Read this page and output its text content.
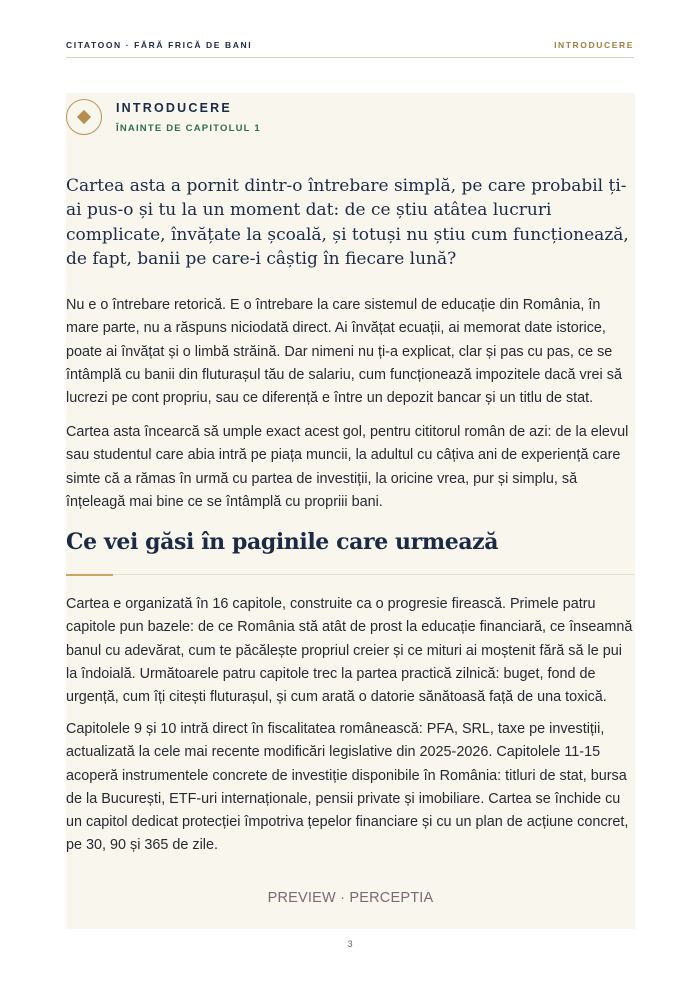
CITATOON · FĂRĂ FRICĂ DE BANI	INTRODUCERE
INTRODUCERE
ÎNAINTE DE CAPITOLUL 1

Cartea asta a pornit dintr-o întrebare simplă, pe care probabil ți-ai pus-o și tu la un moment dat: de ce știu atâtea lucruri complicate, învățate la școală, și totuși nu știu cum funcționează, de fapt, banii pe care-i câștig în fiecare lună?

Nu e o întrebare retorică. E o întrebare la care sistemul de educație din România, în mare parte, nu a răspuns niciodată direct. Ai învățat ecuații, ai memorat date istorice, poate ai învățat și o limbă străină. Dar nimeni nu ți-a explicat, clar și pas cu pas, ce se întâmplă cu banii din fluturașul tău de salariu, cum funcționează impozitele dacă vrei să lucrezi pe cont propriu, sau ce diferență e între un depozit bancar și un titlu de stat.

Cartea asta încearcă să umple exact acest gol, pentru cititorul român de azi: de la elevul sau studentul care abia intră pe piața muncii, la adultul cu câțiva ani de experiență care simte că a rămas în urmă cu partea de investiții, la oricine vrea, pur și simplu, să înțeleagă mai bine ce se întâmplă cu propriii bani.

Ce vei găsi în paginile care urmează

Cartea e organizată în 16 capitole, construite ca o progresie firească. Primele patru capitole pun bazele: de ce România stă atât de prost la educație financiară, ce înseamnă banul cu adevărat, cum te păcălește propriul creier și ce mituri ai moștenit fără să le pui la îndoială. Următoarele patru capitole trec la partea practică zilnică: buget, fond de urgență, cum îți citești fluturașul, și cum arată o datorie sănătoasă față de una toxică.

Capitolele 9 și 10 intră direct în fiscalitatea românească: PFA, SRL, taxe pe investiții, actualizată la cele mai recente modificări legislative din 2025-2026. Capitolele 11-15 acoperă instrumentele concrete de investiție disponibile în România: titluri de stat, bursa de la București, ETF-uri internaționale, pensii private și imobiliare. Cartea se închide cu un capitol dedicat protecției împotriva țepelor financiare și cu un plan de acțiune concret, pe 30, 90 și 365 de zile.

PREVIEW · PERCEPTIA
3
